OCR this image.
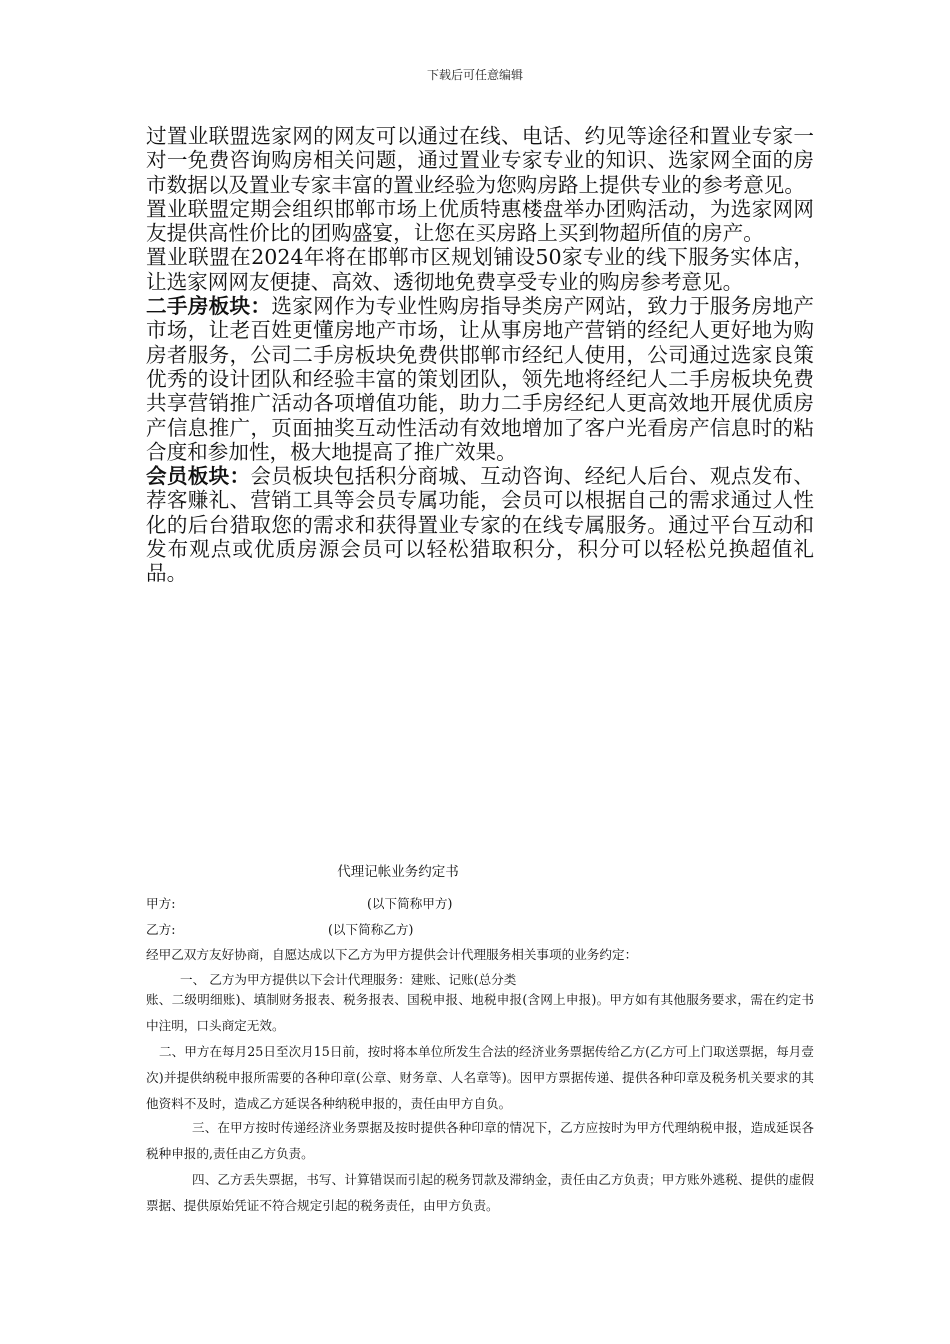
下载后可任意编辑

过置业联盟选家网的网友可以通过在线、电话、约见等途径和置业专家一对一免费咨询购房相关问题，通过置业专家专业的知识、选家网全面的房市数据以及置业专家丰富的置业经验为您购房路上提供专业的参考意见。

置业联盟定期会组织邯郸市场上优质特惠楼盘举办团购活动，为选家网网友提供高性价比的团购盛宴，让您在买房路上买到物超所值的房产。

置业联盟在2024年将在邯郸市区规划铺设50家专业的线下服务实体店，让选家网网友便捷、高效、透彻地免费享受专业的购房参考意见。

二手房板块：选家网作为专业性购房指导类房产网站，致力于服务房地产市场，让老百姓更懂房地产市场，让从事房地产营销的经纪人更好地为购房者服务，公司二手房板块免费供邯郸市经纪人使用，公司通过选家良策优秀的设计团队和经验丰富的策划团队，领先地将经纪人二手房板块免费共享营销推广活动各项增值功能，助力二手房经纪人更高效地开展优质房产信息推广，页面抽奖互动性活动有效地增加了客户光看房产信息时的粘合度和参加性，极大地提高了推广效果。

会员板块：会员板块包括积分商城、互动咨询、经纪人后台、观点发布、荐客赚礼、营销工具等会员专属功能，会员可以根据自己的需求通过人性化的后台猎取您的需求和获得置业专家的在线专属服务。通过平台互动和发布观点或优质房源会员可以轻松猎取积分，积分可以轻松兑换超值礼品。

代理记帐业务约定书
甲方:	(以下简称甲方)
乙方:	(以下简称乙方)
经甲乙双方友好协商，自愿达成以下乙方为甲方提供会计代理服务相关事项的业务约定：
一、 乙方为甲方提供以下会计代理服务：建账、记账(总分类
账、二级明细账)、填制财务报表、税务报表、国税申报、地税申报(含网上申报)。甲方如有其他服务要求，需在约定书中注明，口头商定无效。
二、甲方在每月25日至次月15日前，按时将本单位所发生合法的经济业务票据传给乙方(乙方可上门取送票据，每月壹次)并提供纳税申报所需要的各种印章(公章、财务章、人名章等)。因甲方票据传递、提供各种印章及税务机关要求的其他资料不及时，造成乙方延误各种纳税申报的，责任由甲方自负。
三、在甲方按时传递经济业务票据及按时提供各种印章的情况下，乙方应按时为甲方代理纳税申报，造成延误各税种申报的,责任由乙方负责。
四、乙方丢失票据，书写、计算错误而引起的税务罚款及滞纳金，责任由乙方负责；甲方账外逃税、提供的虚假票据、提供原始凭证不符合规定引起的税务责任，由甲方负责。
